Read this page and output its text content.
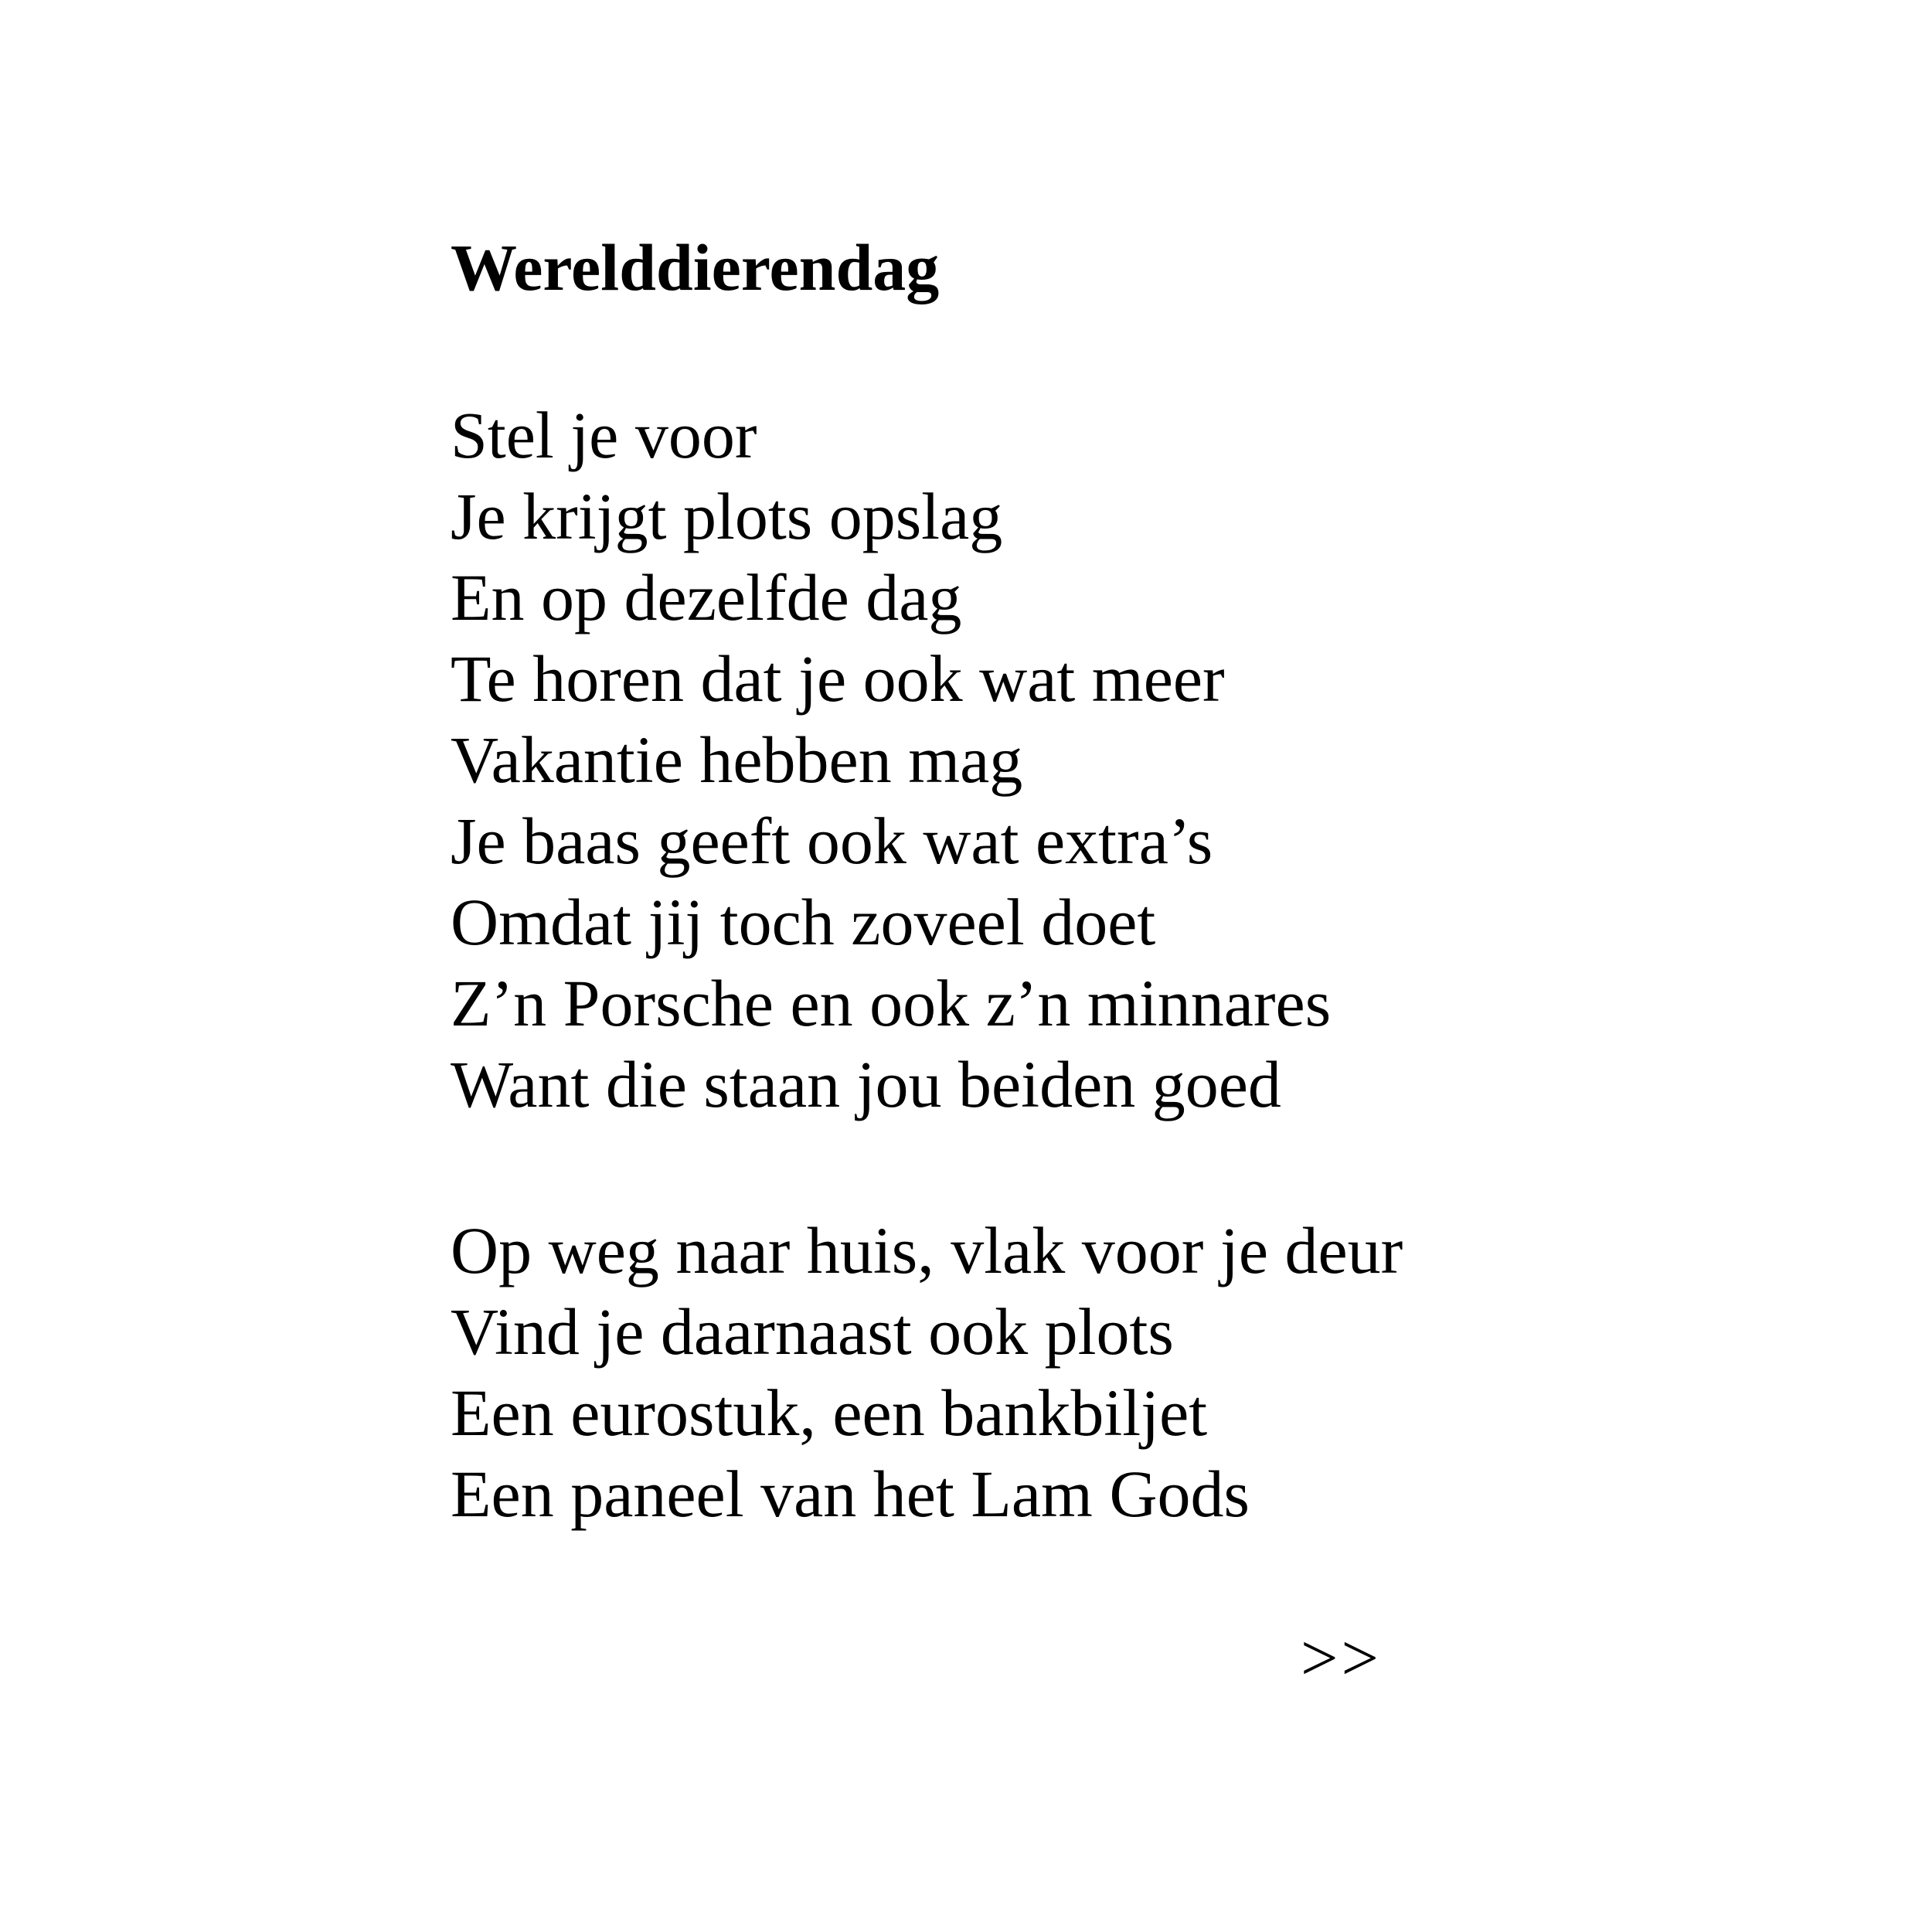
Werelddierendag
Stel je voor
Je krijgt plots opslag
En op dezelfde dag
Te horen dat je ook wat meer
Vakantie hebben mag
Je baas geeft ook wat extra’s
Omdat jij toch zoveel doet
Z’n Porsche en ook z’n minnares
Want die staan jou beiden goed
Op weg naar huis, vlak voor je deur
Vind je daarnaast ook plots
Een eurostuk, een bankbiljet
Een paneel van het Lam Gods
>>
